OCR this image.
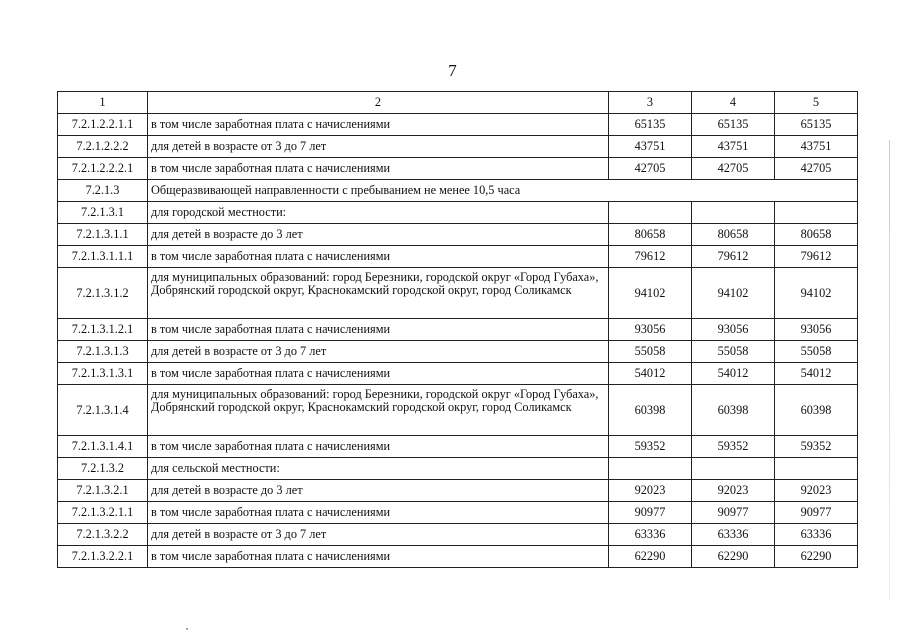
7
1	2	3	4	5
7.2.1.2.2.1.1	в том числе заработная плата с начислениями	65135	65135	65135
7.2.1.2.2.2	для детей в возрасте от 3 до 7 лет	43751	43751	43751
7.2.1.2.2.2.1	в том числе заработная плата с начислениями	42705	42705	42705
7.2.1.3	Общеразвивающей направленности с пребыванием не менее 10,5 часа			
7.2.1.3.1	для городской местности:			
7.2.1.3.1.1	для детей в возрасте до 3 лет	80658	80658	80658
7.2.1.3.1.1.1	в том числе заработная плата с начислениями	79612	79612	79612
7.2.1.3.1.2	для муниципальных образований: город Березники, городской округ «Город Губаха», Добрянский городской округ, Краснокамский городской округ, город Соликамск	94102	94102	94102
7.2.1.3.1.2.1	в том числе заработная плата с начислениями	93056	93056	93056
7.2.1.3.1.3	для детей в возрасте от 3 до 7 лет	55058	55058	55058
7.2.1.3.1.3.1	в том числе заработная плата с начислениями	54012	54012	54012
7.2.1.3.1.4	для муниципальных образований: город Березники, городской округ «Город Губаха», Добрянский городской округ, Краснокамский городской округ, город Соликамск	60398	60398	60398
7.2.1.3.1.4.1	в том числе заработная плата с начислениями	59352	59352	59352
7.2.1.3.2	для сельской местности:			
7.2.1.3.2.1	для детей в возрасте до 3 лет	92023	92023	92023
7.2.1.3.2.1.1	в том числе заработная плата с начислениями	90977	90977	90977
7.2.1.3.2.2	для детей в возрасте от 3 до 7 лет	63336	63336	63336
7.2.1.3.2.2.1	в том числе заработная плата с начислениями	62290	62290	62290
